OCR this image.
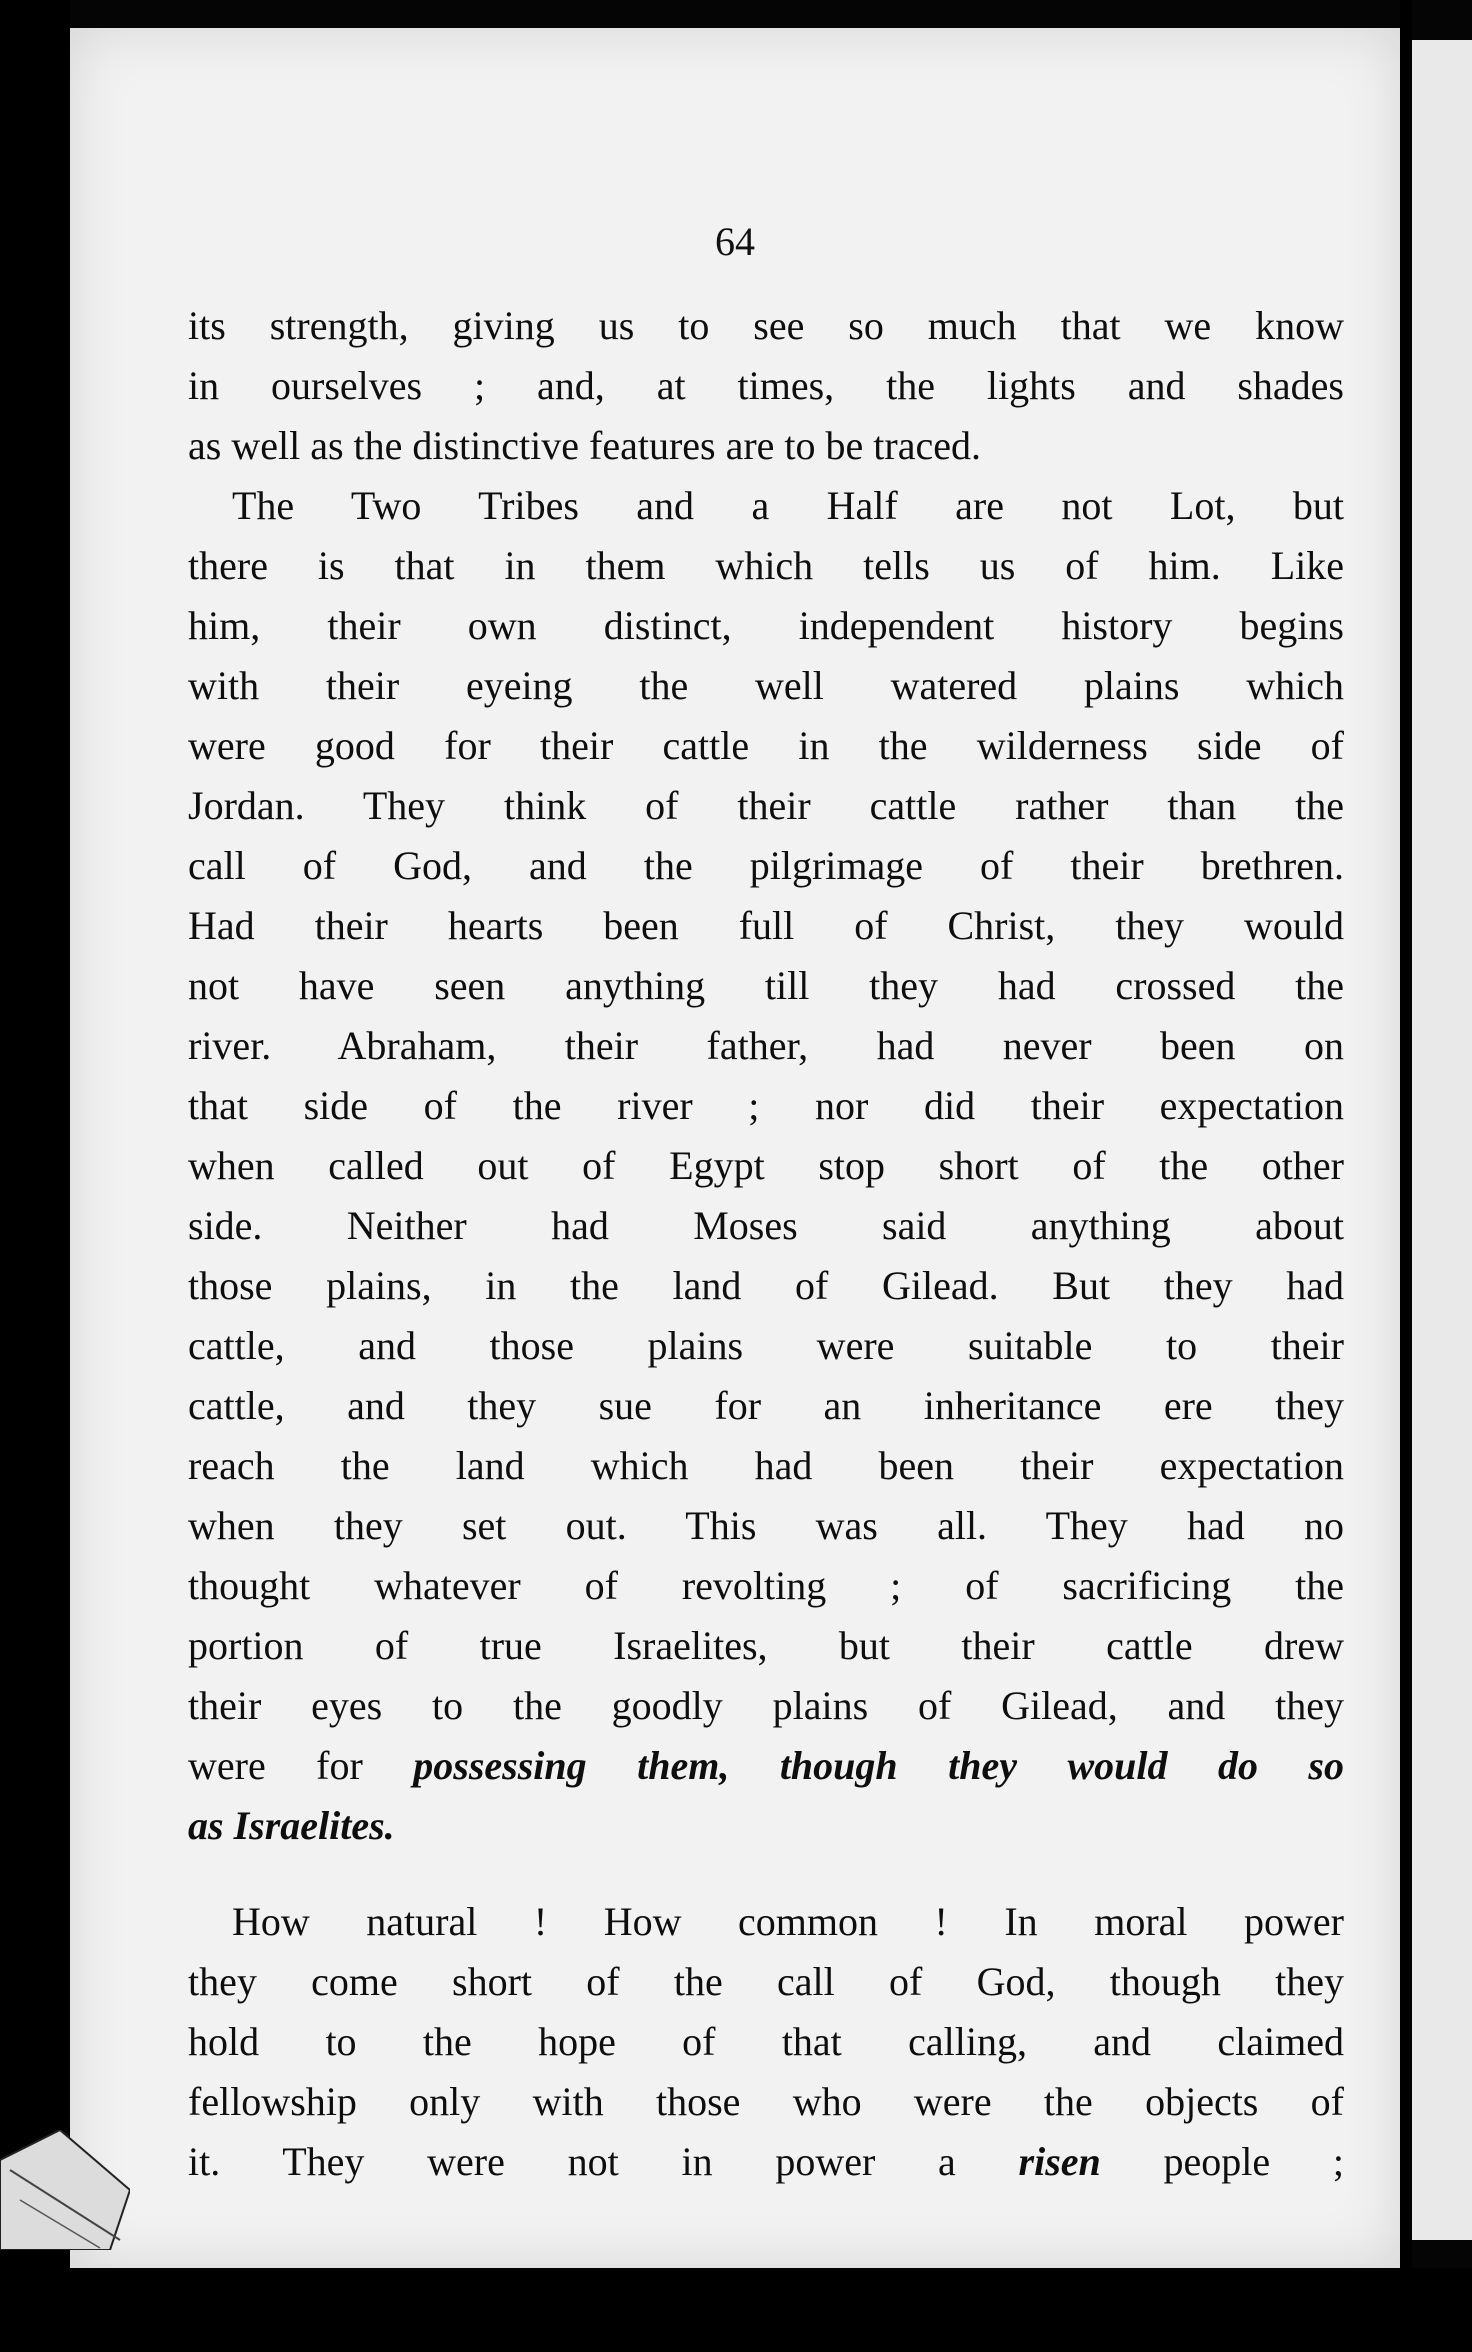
64
its strength, giving us to see so much that we know
in ourselves ; and, at times, the lights and shades
as well as the distinctive features are to be traced.
The Two Tribes and a Half are not Lot, but
there is that in them which tells us of him. Like
him, their own distinct, independent history begins
with their eyeing the well watered plains which
were good for their cattle in the wilderness side of
Jordan. They think of their cattle rather than the
call of God, and the pilgrimage of their brethren.
Had their hearts been full of Christ, they would
not have seen anything till they had crossed the
river. Abraham, their father, had never been on
that side of the river ; nor did their expectation
when called out of Egypt stop short of the other
side. Neither had Moses said anything about
those plains, in the land of Gilead. But they had
cattle, and those plains were suitable to their
cattle, and they sue for an inheritance ere they
reach the land which had been their expectation
when they set out. This was all. They had no
thought whatever of revolting ; of sacrificing the
portion of true Israelites, but their cattle drew
their eyes to the goodly plains of Gilead, and they
were for possessing them, though they would do so
as Israelites.
How natural ! How common ! In moral power
they come short of the call of God, though they
hold to the hope of that calling, and claimed
fellowship only with those who were the objects of
it. They were not in power a risen people ;
